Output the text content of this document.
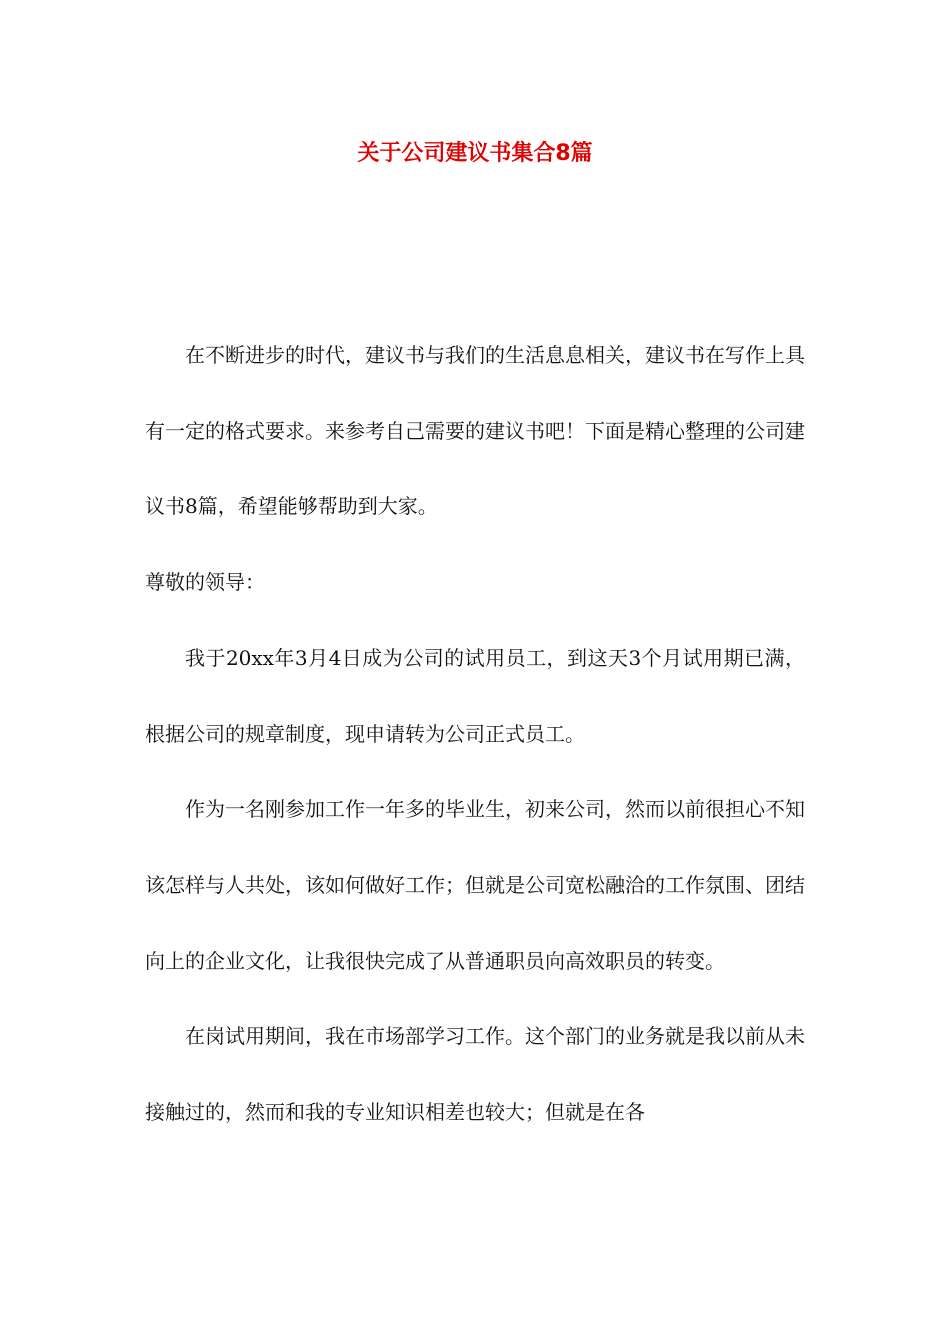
关于公司建议书集合8篇

在不断进步的时代，建议书与我们的生活息息相关，建议书在写作上具有一定的格式要求。来参考自己需要的建议书吧！下面是精心整理的公司建议书8篇，希望能够帮助到大家。

尊敬的领导：

我于20xx年3月4日成为公司的试用员工，到这天3个月试用期已满，根据公司的规章制度，现申请转为公司正式员工。

作为一名刚参加工作一年多的毕业生，初来公司，然而以前很担心不知该怎样与人共处，该如何做好工作；但就是公司宽松融洽的工作氛围、团结向上的企业文化，让我很快完成了从普通职员向高效职员的转变。

在岗试用期间，我在市场部学习工作。这个部门的业务就是我以前从未接触过的，然而和我的专业知识相差也较大；但就是在各
